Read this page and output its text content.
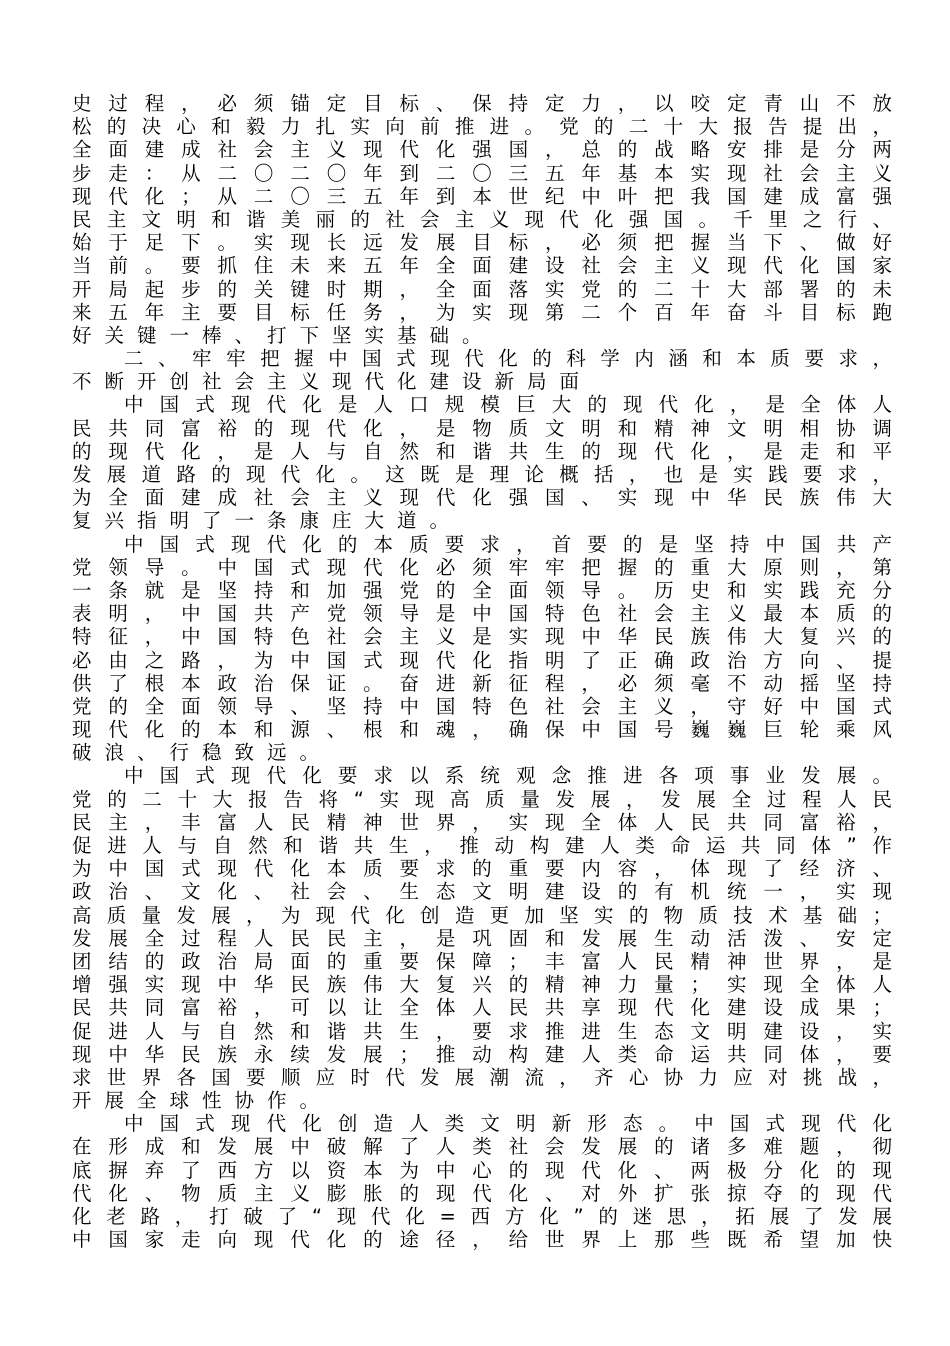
史过程，必须锚定目标、保持定力，以咬定青山不放
松的决心和毅力扎实向前推进。党的二十大报告提出，
全面建成社会主义现代化强国，总的战略安排是分两
步走：从二〇二〇年到二〇三五年基本实现社会主义
现代化；从二〇三五年到本世纪中叶把我国建成富强
民主文明和谐美丽的社会主义现代化强国。千里之行、
始于足下。实现长远发展目标，必须把握当下、做好
当前。要抓住未来五年全面建设社会主义现代化国家
开局起步的关键时期，全面落实党的二十大部署的未
来五年主要目标任务，为实现第二个百年奋斗目标跑
好关键一棒、打下坚实基础。
二、牢牢把握中国式现代化的科学内涵和本质要求，
不断开创社会主义现代化建设新局面
中国式现代化是人口规模巨大的现代化，是全体人
民共同富裕的现代化，是物质文明和精神文明相协调
的现代化，是人与自然和谐共生的现代化，是走和平
发展道路的现代化。这既是理论概括，也是实践要求，
为全面建成社会主义现代化强国、实现中华民族伟大
复兴指明了一条康庄大道。
中国式现代化的本质要求，首要的是坚持中国共产
党领导。中国式现代化必须牢牢把握的重大原则，第
一条就是坚持和加强党的全面领导。历史和实践充分
表明，中国共产党领导是中国特色社会主义最本质的
特征，中国特色社会主义是实现中华民族伟大复兴的
必由之路，为中国式现代化指明了正确政治方向、提
供了根本政治保证。奋进新征程，必须毫不动摇坚持
党的全面领导、坚持中国特色社会主义，守好中国式
现代化的本和源、根和魂，确保中国号巍巍巨轮乘风
破浪、行稳致远。
中国式现代化要求以系统观念推进各项事业发展。
党的二十大报告将“实现高质量发展，发展全过程人民
民主，丰富人民精神世界，实现全体人民共同富裕，
促进人与自然和谐共生，推动构建人类命运共同体”作
为中国式现代化本质要求的重要内容，体现了经济、
政治、文化、社会、生态文明建设的有机统一，实现
高质量发展，为现代化创造更加坚实的物质技术基础；
发展全过程人民民主，是巩固和发展生动活泼、安定
团结的政治局面的重要保障；丰富人民精神世界，是
增强实现中华民族伟大复兴的精神力量；实现全体人
民共同富裕，可以让全体人民共享现代化建设成果；
促进人与自然和谐共生，要求推进生态文明建设，实
现中华民族永续发展；推动构建人类命运共同体，要
求世界各国要顺应时代发展潮流，齐心协力应对挑战，
开展全球性协作。
中国式现代化创造人类文明新形态。中国式现代化
在形成和发展中破解了人类社会发展的诸多难题，彻
底摒弃了西方以资本为中心的现代化、两极分化的现
代化、物质主义膨胀的现代化、对外扩张掠夺的现代
化老路，打破了“现代化=西方化”的迷思，拓展了发展
中国家走向现代化的途径，给世界上那些既希望加快
